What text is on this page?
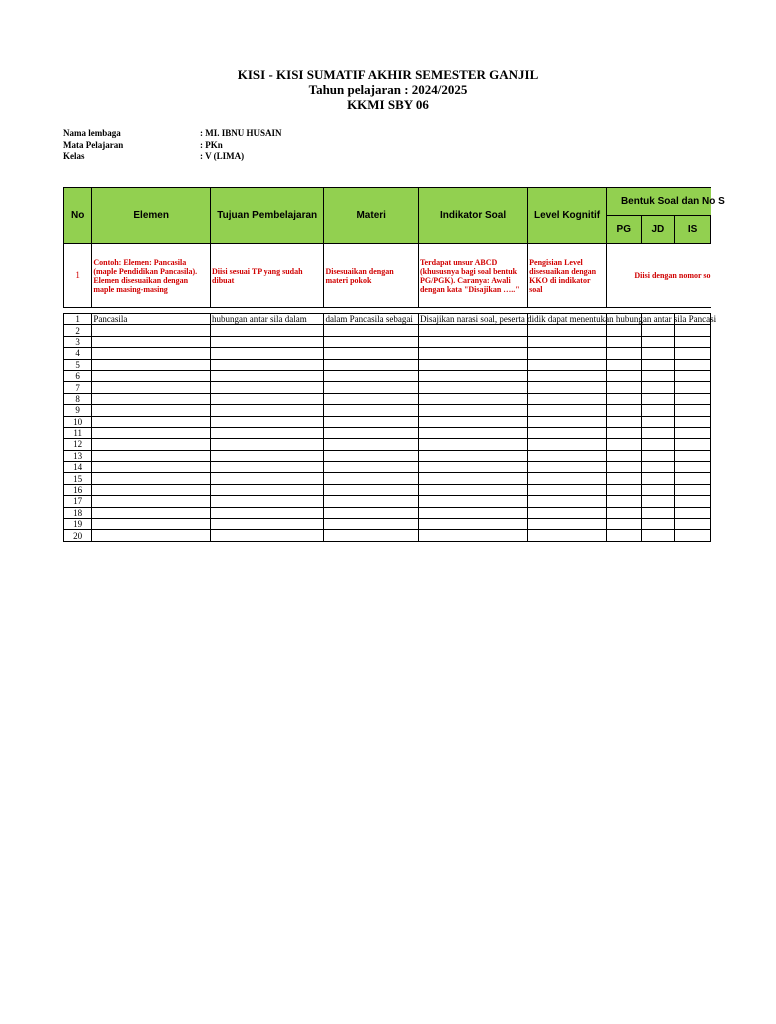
KISI - KISI SUMATIF AKHIR SEMESTER GANJIL
Tahun pelajaran : 2024/2025
KKMI SBY 06
Nama lembaga	: MI. IBNU HUSAIN
Mata Pelajaran	: PKn
Kelas	: V (LIMA)
No	Elemen	Tujuan Pembelajaran	Materi	Indikator Soal	Level Kognitif	Bentuk Soal dan No S		
						PG	JD	IS
1	Contoh: Elemen: Pancasila (maple Pendidikan Pancasila). Elemen disesuaikan dengan maple masing-masing	Diisi sesuai TP yang sudah dibuat	Disesuaikan dengan materi pokok	Terdapat unsur ABCD (khususnya bagi soal bentuk PG/PGK). Caranya: Awali dengan kata "Disajikan ….."	Pengisian Level disesuaikan dengan KKO di indikator soal	Diisi dengan nomor so		

1	Pancasila	hubungan antar sila dalam	dalam Pancasila sebagai	Disajikan narasi soal, peserta didik dapat menentukan hubungan antar sila Pancasi				
2								
3								
4								
5								
6								
7								
8								
9								
10								
11								
12								
13								
14								
15								
16								
17								
18								
19								
20								
